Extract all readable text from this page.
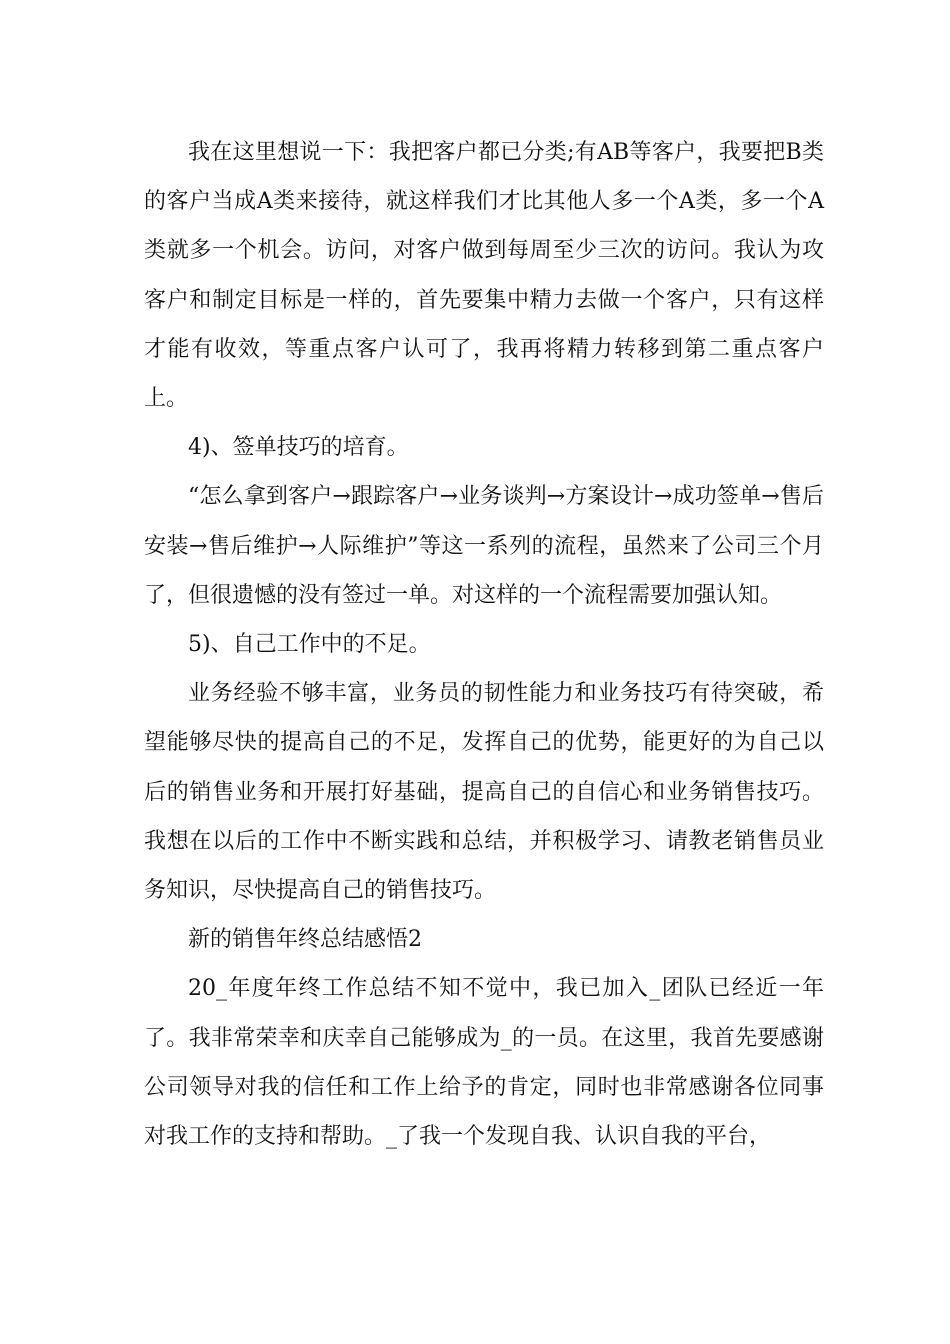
我在这里想说一下：我把客户都已分类;有AB等客户，我要把B类的客户当成A类来接待，就这样我们才比其他人多一个A类，多一个A类就多一个机会。访问，对客户做到每周至少三次的访问。我认为攻客户和制定目标是一样的，首先要集中精力去做一个客户，只有这样才能有收效，等重点客户认可了，我再将精力转移到第二重点客户上。

4)、签单技巧的培育。

“怎么拿到客户→跟踪客户→业务谈判→方案设计→成功签单→售后安装→售后维护→人际维护”等这一系列的流程，虽然来了公司三个月了，但很遗憾的没有签过一单。对这样的一个流程需要加强认知。

5)、自己工作中的不足。

业务经验不够丰富，业务员的韧性能力和业务技巧有待突破，希望能够尽快的提高自己的不足，发挥自己的优势，能更好的为自己以后的销售业务和开展打好基础，提高自己的自信心和业务销售技巧。我想在以后的工作中不断实践和总结，并积极学习、请教老销售员业务知识，尽快提高自己的销售技巧。

新的销售年终总结感悟2

20_年度年终工作总结不知不觉中，我已加入_团队已经近一年了。我非常荣幸和庆幸自己能够成为_的一员。在这里，我首先要感谢公司领导对我的信任和工作上给予的肯定，同时也非常感谢各位同事对我工作的支持和帮助。_了我一个发现自我、认识自我的平台，
